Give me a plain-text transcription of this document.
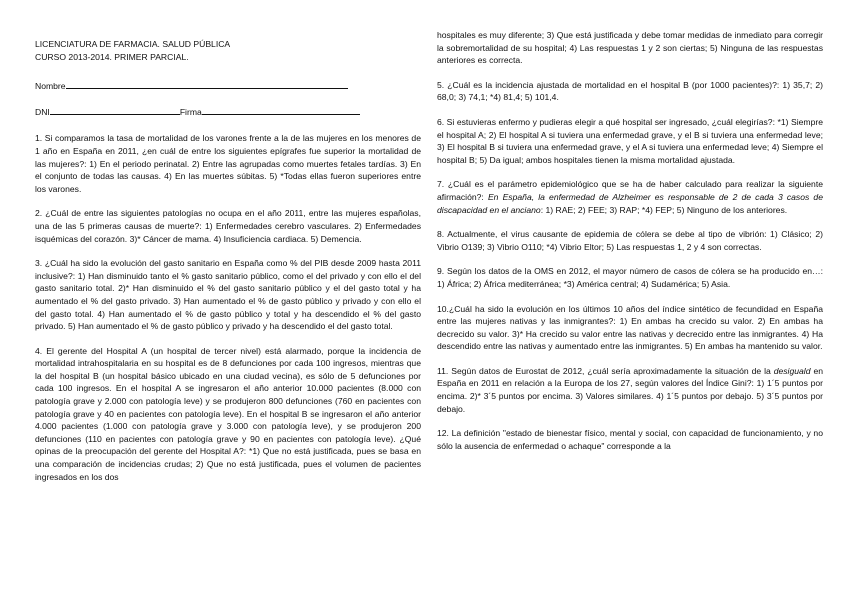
LICENCIATURA DE FARMACIA. SALUD PÚBLICA
CURSO 2013-2014. PRIMER PARCIAL.
Nombre
DNI	Firma

1. Si comparamos la tasa de mortalidad de los varones frente a la de las mujeres en los menores de 1 año en España en 2011, ¿en cuál de entre los siguientes epígrafes fue superior la mortalidad de las mujeres?: 1) En el periodo perinatal. 2) Entre las agrupadas como muertes fetales tardías. 3) En el conjunto de todas las causas. 4) En las muertes súbitas. 5) *Todas ellas fueron superiores entre los varones.

2. ¿Cuál de entre las siguientes patologías no ocupa en el año 2011, entre las mujeres españolas, una de las 5 primeras causas de muerte?: 1) Enfermedades cerebro vasculares. 2) Enfermedades isquémicas del corazón. 3)* Cáncer de mama. 4) Insuficiencia cardiaca. 5) Demencia.

3. ¿Cuál ha sido la evolución del gasto sanitario en España como % del PIB desde 2009 hasta 2011 inclusive?: 1) Han disminuido tanto el % gasto sanitario público, como el del privado y con ello el del gasto sanitario total. 2)* Han disminuido el % del gasto sanitario público y el del gasto total y ha aumentado el % del gasto privado. 3) Han aumentado el % de gasto público y privado y con ello el del gasto total. 4) Han aumentado el % de gasto público y total y ha descendido el % del gasto privado. 5) Han aumentado el % de gasto público y privado y ha descendido el del gasto total.

4. El gerente del Hospital A (un hospital de tercer nivel) está alarmado, porque la incidencia de mortalidad intrahospitalaria en su hospital es de 8 defunciones por cada 100 ingresos, mientras que la del hospital B (un hospital básico ubicado en una ciudad vecina), es sólo de 5 defunciones por cada 100 ingresos. En el hospital A se ingresaron el año anterior 10.000 pacientes (8.000 con patología grave y 2.000 con patología leve) y se produjeron 800 defunciones (760 en pacientes con patología grave y 40 en pacientes con patología leve). En el hospital B se ingresaron el año anterior 4.000 pacientes (1.000 con patología grave y 3.000 con patología leve), y se produjeron 200 defunciones (110 en pacientes con patología grave y 90 en pacientes con patología leve). ¿Qué opinas de la preocupación del gerente del Hospital A?: *1) Que no está justificada, pues se basa en una comparación de incidencias crudas; 2) Que no está justificada, pues el volumen de pacientes ingresados en los dos

hospitales es muy diferente; 3) Que está justificada y debe tomar medidas de inmediato para corregir la sobremortalidad de su hospital; 4) Las respuestas 1 y 2 son ciertas; 5) Ninguna de las respuestas anteriores es correcta.

5. ¿Cuál es la incidencia ajustada de mortalidad en el hospital B (por 1000 pacientes)?: 1) 35,7; 2) 68,0; 3) 74,1; *4) 81,4; 5) 101,4.

6. Si estuvieras enfermo y pudieras elegir a qué hospital ser ingresado, ¿cuál elegirías?: *1) Siempre el hospital A; 2) El hospital A si tuviera una enfermedad grave, y el B si tuviera una enfermedad leve; 3) El hospital B si tuviera una enfermedad grave, y el A si tuviera una enfermedad leve; 4) Siempre el hospital B; 5) Da igual; ambos hospitales tienen la misma mortalidad ajustada.

7. ¿Cuál es el parámetro epidemiológico que se ha de haber calculado para realizar la siguiente afirmación?: En España, la enfermedad de Alzheimer es responsable de 2 de cada 3 casos de discapacidad en el anciano: 1) RAE; 2) FEE; 3) RAP; *4) FEP; 5) Ninguno de los anteriores.

8. Actualmente, el virus causante de epidemia de cólera se debe al tipo de vibrión: 1) Clásico; 2) Vibrio O139; 3) Vibrio O110; *4) Vibrio Eltor; 5) Las respuestas 1, 2 y 4 son correctas.

9. Según los datos de la OMS en 2012, el mayor número de casos de cólera se ha producido en…: 1) África; 2) África mediterránea; *3) América central; 4) Sudamérica; 5) Asia.

10.¿Cuál ha sido la evolución en los últimos 10 años del índice sintético de fecundidad en España entre las mujeres nativas y las inmigrantes?: 1) En ambas ha crecido su valor. 2) En ambas ha decrecido su valor. 3)* Ha crecido su valor entre las nativas y decrecido entre las inmigrantes. 4) Ha descendido entre las nativas y aumentado entre las inmigrantes. 5) En ambas ha mantenido su valor.

11. Según datos de Eurostat de 2012, ¿cuál sería aproximadamente la situación de la desiguald en España en 2011 en relación a la Europa de los 27, según valores del Índice Gini?: 1) 1´5 puntos por encima. 2)* 3´5 puntos por encima. 3) Valores similares. 4) 1´5 puntos por debajo. 5) 3´5 puntos por debajo.

12. La definición "estado de bienestar físico, mental y social, con capacidad de funcionamiento, y no sólo la ausencia de enfermedad o achaque" corresponde a la
